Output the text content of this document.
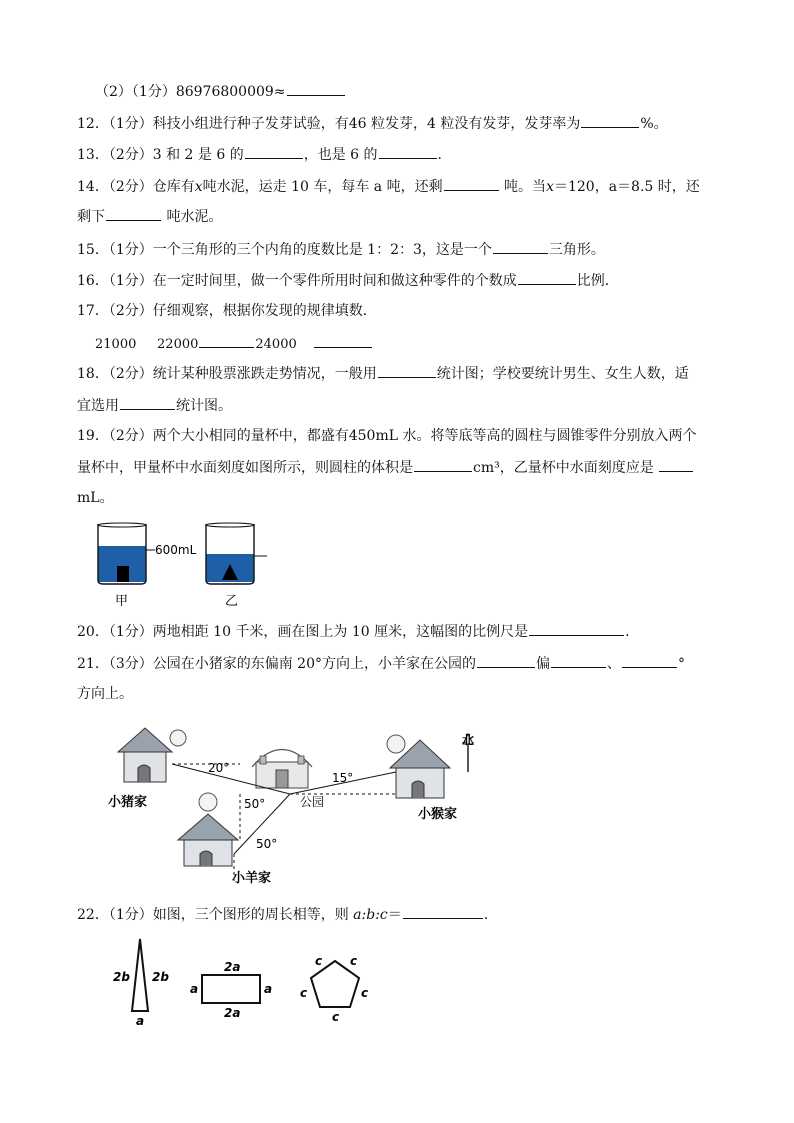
（2）（1分）86976800009≈
12．（1分）科技小组进行种子发芽试验，有46 粒发芽，4 粒没有发芽，发芽率为	%。
13．（2分）3 和 2 是 6 的	，也是 6 的	.
14．（2分）仓库有x吨水泥，运走 10 车，每车 a 吨，还剩	吨。当x＝120，a＝8.5 时，还
剩下	吨水泥。
15．（1分）一个三角形的三个内角的度数比是 1：2：3，这是一个	三角形。
16．（1分）在一定时间里，做一个零件所用时间和做这种零件的个数成	比例．
17．（2分）仔细观察，根据你发现的规律填数．
21000 22000	24000
18．（2分）统计某种股票涨跌走势情况，一般用	统计图；学校要统计男生、女生人数，适
宜选用	统计图。
19．（2分）两个大小相同的量杯中，都盛有450mL 水。将等底等高的圆柱与圆锥零件分别放入两个
量杯中，甲量杯中水面刻度如图所示，则圆柱的体积是	cm³，乙量杯中水面刻度应是
mL。
600mL
甲	乙
20．（1分）两地相距 10 千米，画在图上为 10 厘米，这幅图的比例尺是	.
21．（3分）公园在小猪家的东偏南 20°方向上，小羊家在公园的	偏	、	°
方向上。
小猪家	公园
小猴家
北
小羊家
20°
50°
15°
50°
22．（1分）如图，三个图形的周长相等，则 a:b:c＝	.
2b 2b
a
2a
2a
a	a
c c
c	c
c
